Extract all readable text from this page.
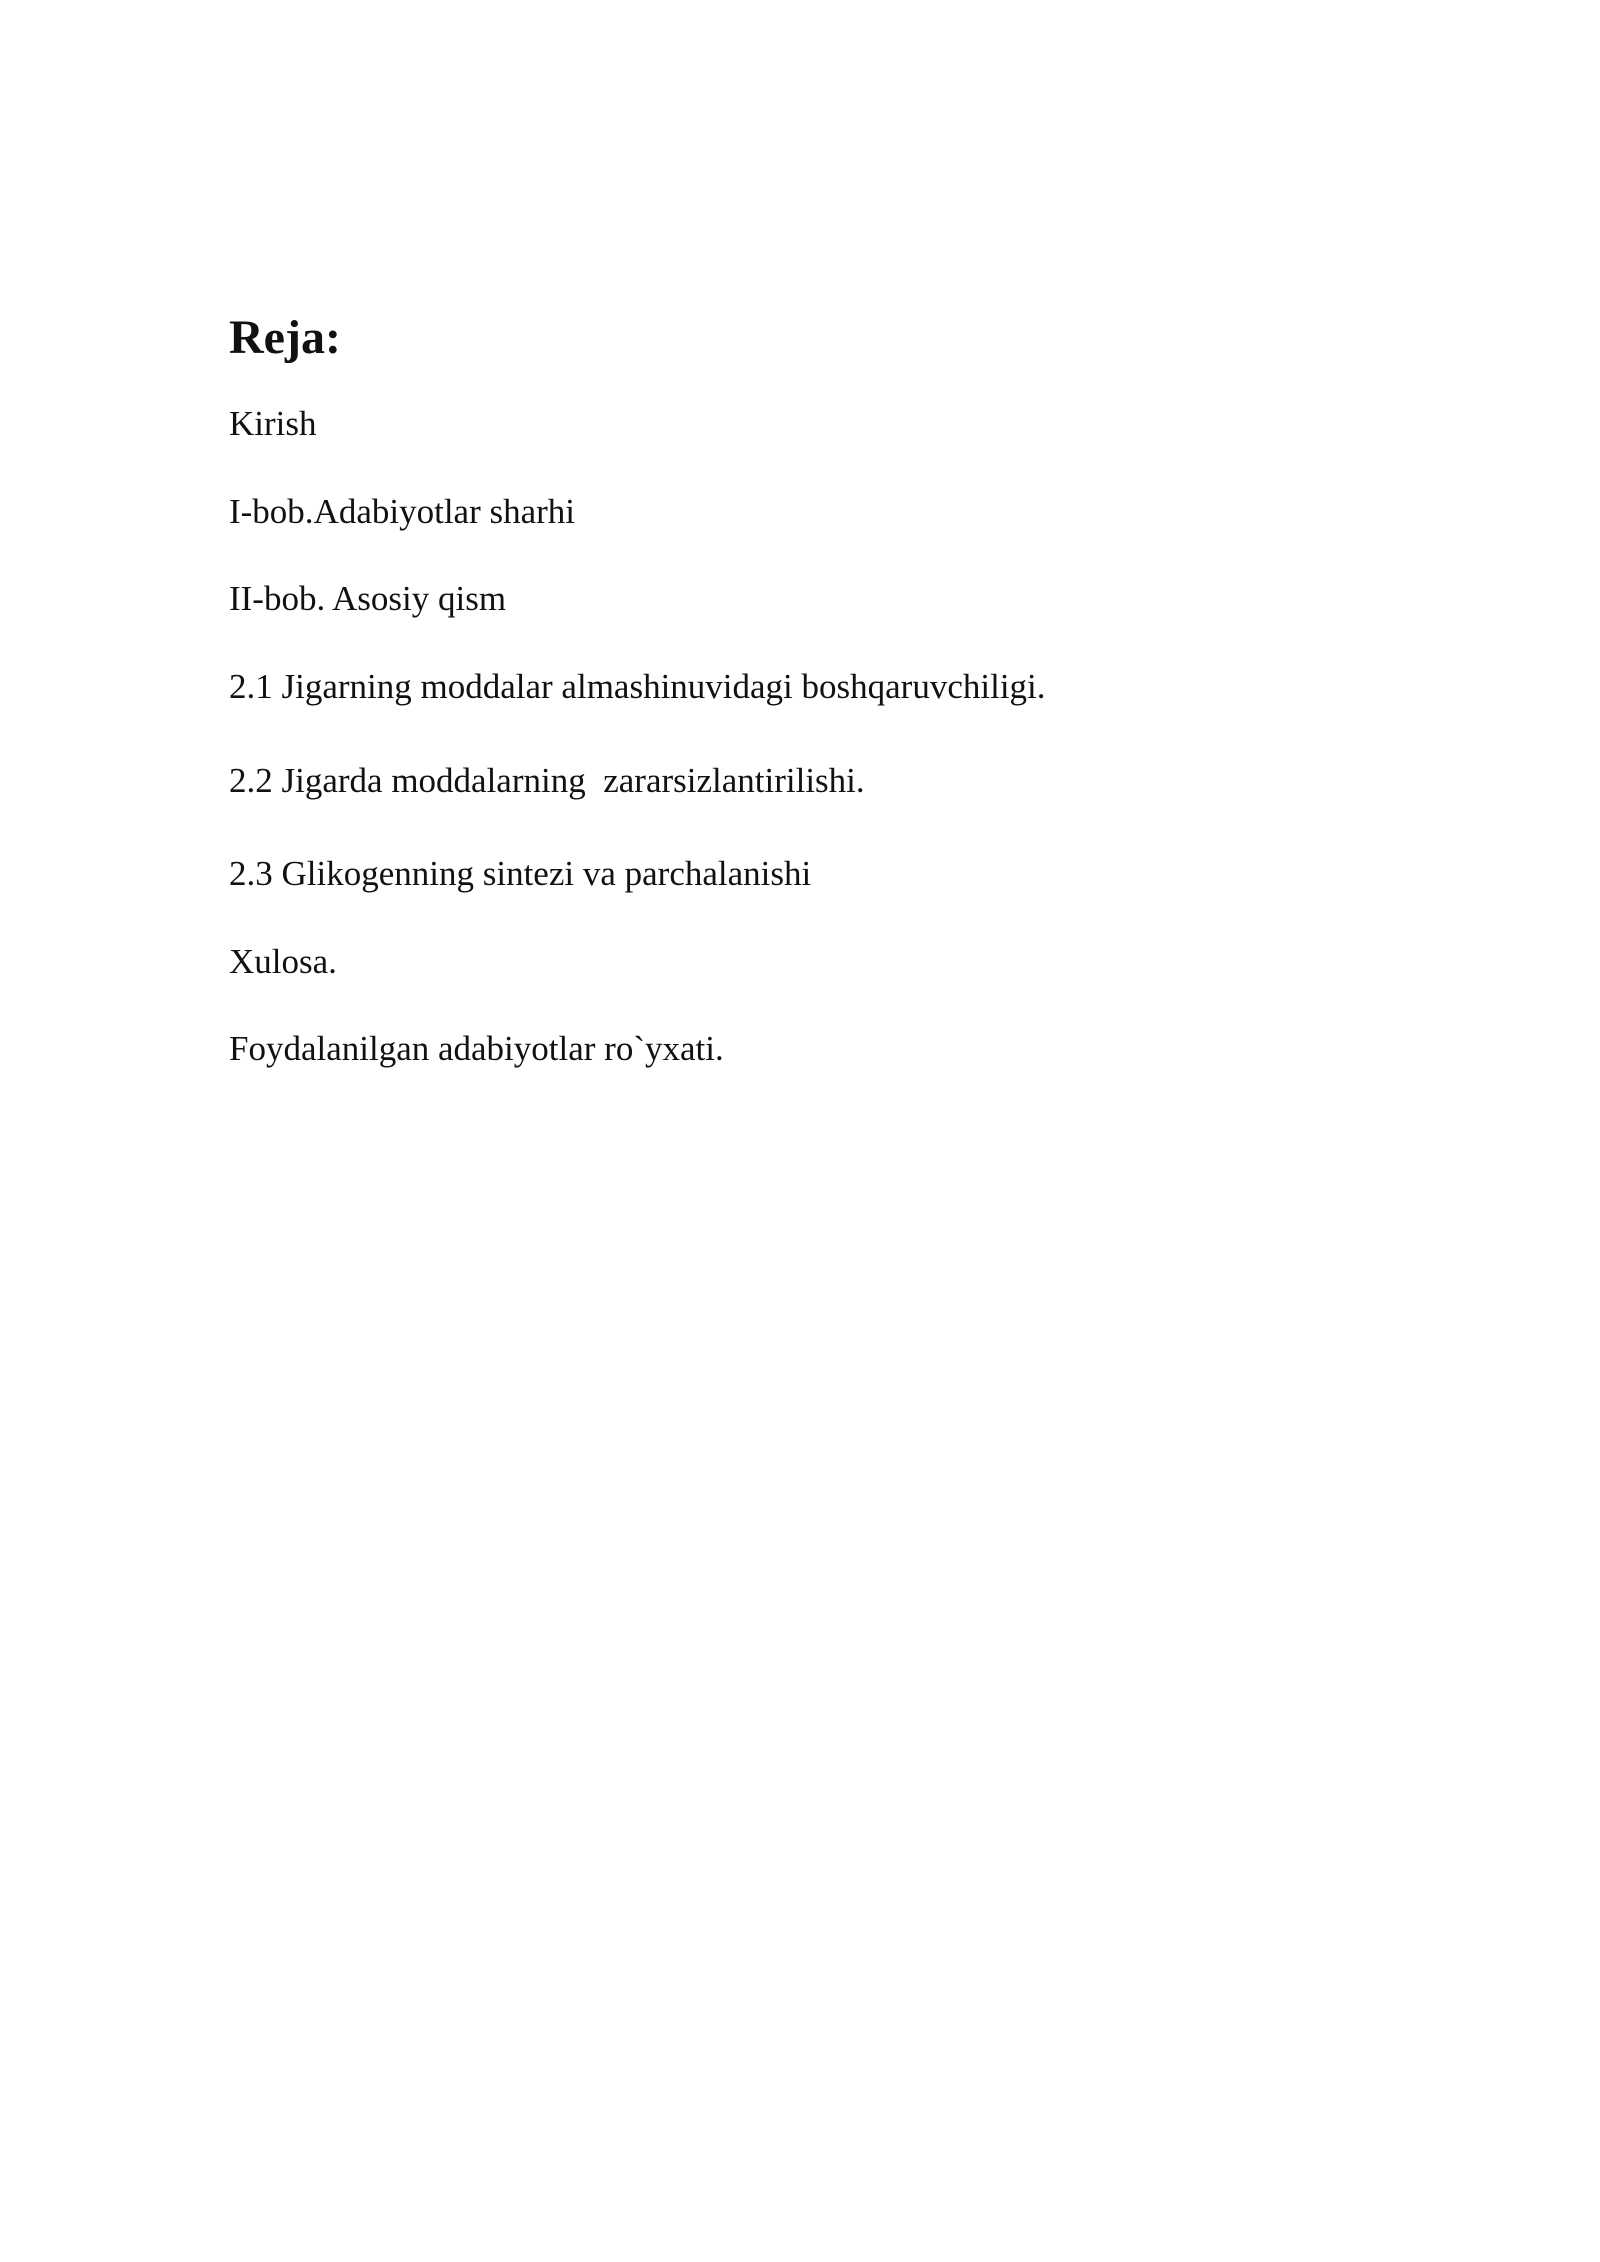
Reja:

Kirish

I-bob.Adabiyotlar sharhi

II-bob. Asosiy qism

2.1 Jigarning moddalar almashinuvidagi boshqaruvchiligi.

2.2 Jigarda moddalarning  zararsizlantirilishi.

2.3 Glikogenning sintezi va parchalanishi

Xulosa.

Foydalanilgan adabiyotlar ro`yxati.
